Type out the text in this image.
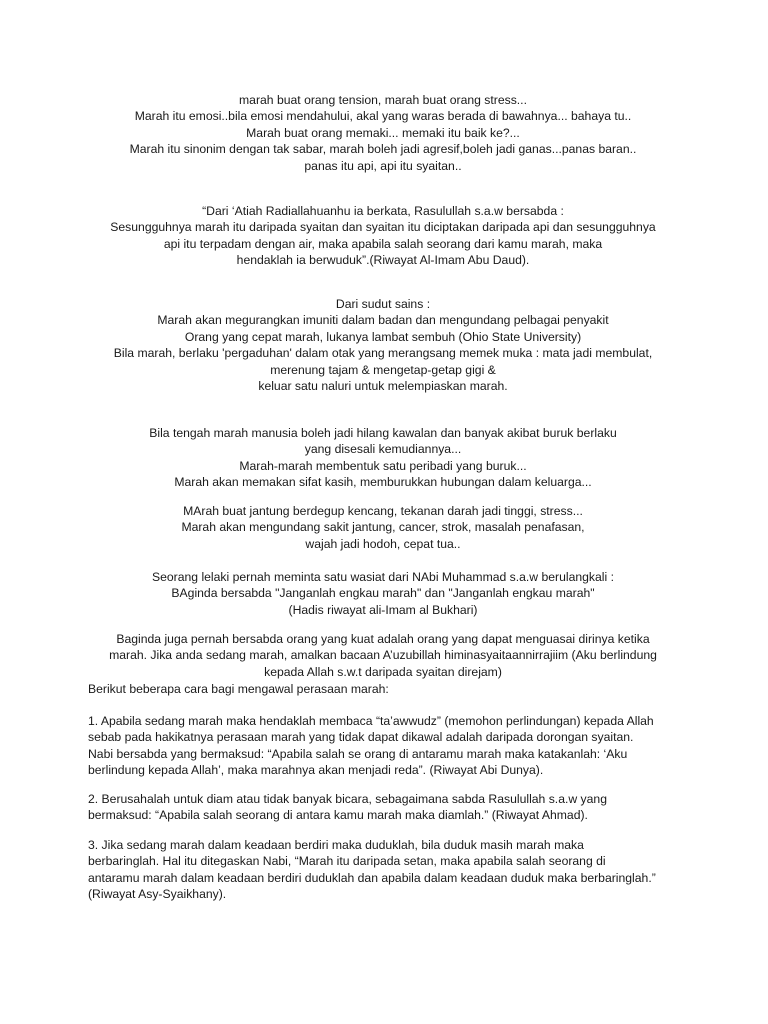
marah buat orang tension, marah buat orang stress...
Marah itu emosi..bila emosi mendahului, akal yang waras berada di bawahnya... bahaya tu..
Marah buat orang memaki... memaki itu baik ke?...
Marah itu sinonim dengan tak sabar, marah boleh jadi agresif,boleh jadi ganas...panas baran..
panas itu api, api itu syaitan..
“Dari ‘Atiah Radiallahuanhu ia berkata, Rasulullah s.a.w bersabda :
Sesungguhnya marah itu daripada syaitan dan syaitan itu diciptakan daripada api dan sesungguhnya
api itu terpadam dengan air, maka apabila salah seorang dari kamu marah, maka
hendaklah ia berwuduk”.(Riwayat Al-Imam Abu Daud).
Dari sudut sains :
Marah akan megurangkan imuniti dalam badan dan mengundang pelbagai penyakit
Orang yang cepat marah, lukanya lambat sembuh (Ohio State University)
Bila marah, berlaku 'pergaduhan' dalam otak yang merangsang memek muka : mata jadi membulat,
merenung tajam & mengetap-getap gigi &
keluar satu naluri untuk melempiaskan marah.
Bila tengah marah manusia boleh jadi hilang kawalan dan banyak akibat buruk berlaku
yang disesali kemudiannya...
Marah-marah membentuk satu peribadi yang buruk...
Marah akan memakan sifat kasih, memburukkan hubungan dalam keluarga...
MArah buat jantung berdegup kencang, tekanan darah jadi tinggi, stress...
Marah akan mengundang sakit jantung, cancer, strok, masalah penafasan,
wajah jadi hodoh, cepat tua..
Seorang lelaki pernah meminta satu wasiat dari NAbi Muhammad s.a.w berulangkali :
BAginda bersabda "Janganlah engkau marah" dan "Janganlah engkau marah"
(Hadis riwayat ali-Imam al Bukhari)
Baginda juga pernah bersabda orang yang kuat adalah orang yang dapat menguasai dirinya ketika
marah. Jika anda sedang marah, amalkan bacaan A’uzubillah himinasyaitaannirrajiim (Aku berlindung
kepada Allah s.w.t daripada syaitan direjam)
Berikut beberapa cara bagi mengawal perasaan marah:
1. Apabila sedang marah maka hendaklah membaca “ta’awwudz” (memohon perlindungan) kepada Allah
sebab pada hakikatnya perasaan marah yang tidak dapat dikawal adalah daripada dorongan syaitan.
Nabi bersabda yang bermaksud: “Apabila salah se orang di antaramu marah maka katakanlah: ‘Aku
berlindung kepada Allah’, maka marahnya akan menjadi reda”. (Riwayat Abi Dunya).
2. Berusahalah untuk diam atau tidak banyak bicara, sebagaimana sabda Rasulullah s.a.w yang
bermaksud: “Apabila salah seorang di antara kamu marah maka diamlah.” (Riwayat Ahmad).
3. Jika sedang marah dalam keadaan berdiri maka duduklah, bila duduk masih marah maka
berbaringlah. Hal itu ditegaskan Nabi, “Marah itu daripada setan, maka apabila salah seorang di
antaramu marah dalam keadaan berdiri duduklah dan apabila dalam keadaan duduk maka berbaringlah.”
(Riwayat Asy-Syaikhany).
